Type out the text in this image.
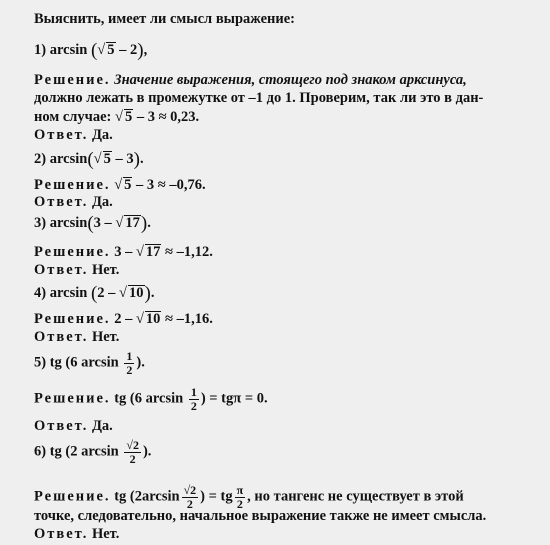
Выяснить, имеет ли смысл выражение:
1) arcsin (√ 5 – 2),
Решение. Значение выражения, стоящего под знаком арксинуса,
должно лежать в промежутке от –1 до 1. Проверим, так ли это в дан-
ном случае: √ 5 – 3 ≈ 0,23.
Ответ. Да.
2) arcsin(√ 5 – 3).
Решение. √ 5 – 3 ≈ –0,76.
Ответ. Да.
3) arcsin(3 – √ 17).
Решение. 3 – √ 17 ≈ –1,12.
Ответ. Нет.
4) arcsin (2 – √ 10).
Решение. 2 – √ 10 ≈ –1,16.
Ответ. Нет.
5) tg (6 $\arcsin \frac{1}{2}$ ).
Решение. tg (6 $\arcsin \frac{1}{2}$ ) = tgπ = 0.
Ответ. Да.
6) tg (2 $\arcsin \frac{√2}{2}$ ).
Решение. tg ($2\arcsin \frac{√2}{2}$ ) = tg $\frac{\pi}{2}$ , но тангенс не существует в этой
точке, следовательно, начальное выражение также не имеет смысла.
Ответ. Нет.
